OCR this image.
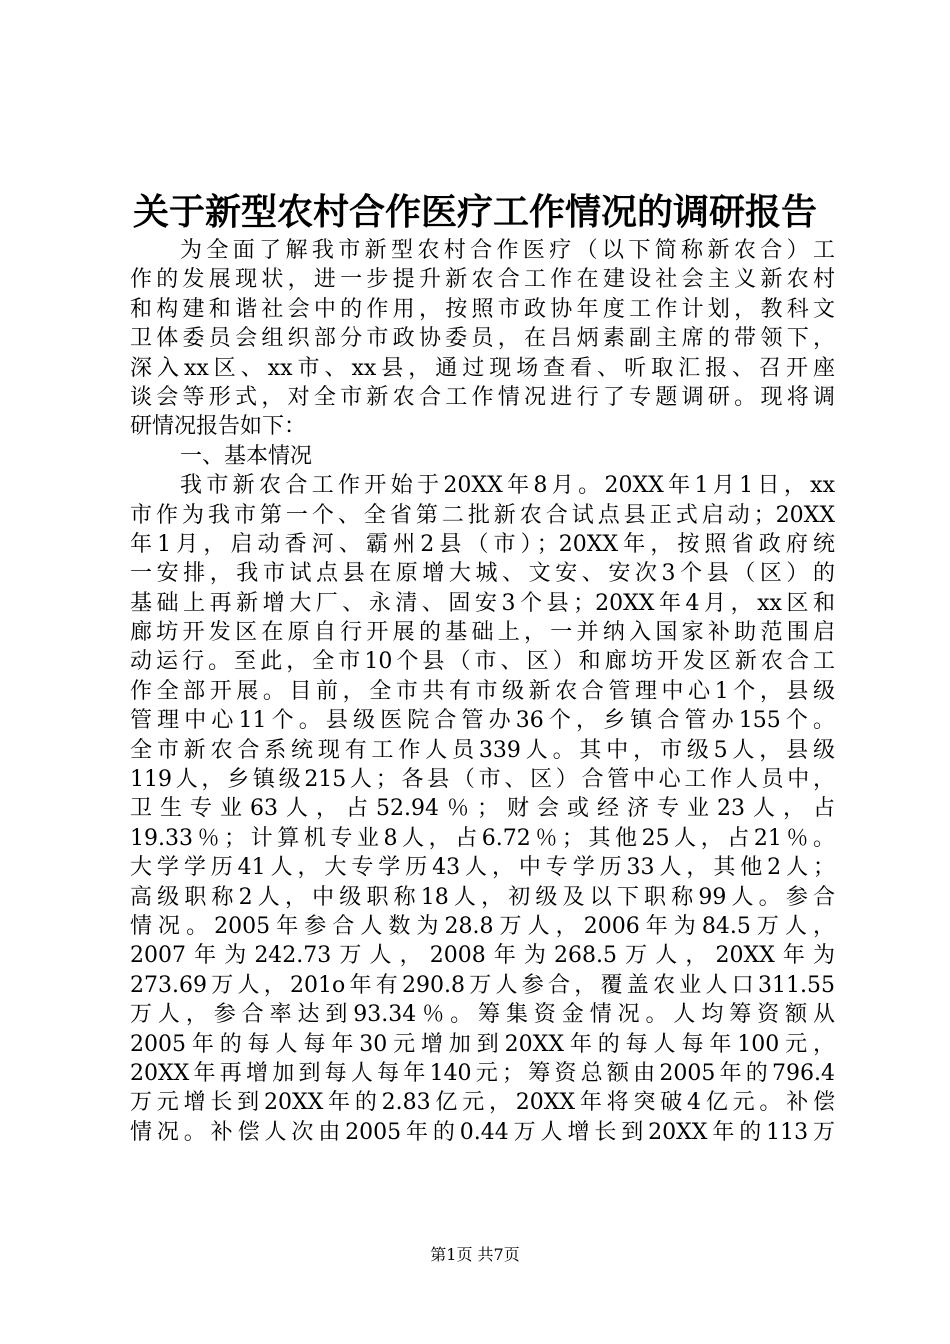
关于新型农村合作医疗工作情况的调研报告
为全面了解我市新型农村合作医疗（以下简称新农合）工
作的发展现状，进一步提升新农合工作在建设社会主义新农村
和构建和谐社会中的作用，按照市政协年度工作计划，教科文
卫体委员会组织部分市政协委员，在吕炳素副主席的带领下，
深入xx区、xx市、xx县，通过现场查看、听取汇报、召开座
谈会等形式，对全市新农合工作情况进行了专题调研。现将调
研情况报告如下：
一、基本情况
我市新农合工作开始于20XX年8月。20XX年1月1日，xx
市作为我市第一个、全省第二批新农合试点县正式启动；20XX
年1月，启动香河、霸州2县（市）；20XX年，按照省政府统
一安排，我市试点县在原增大城、文安、安次3个县（区）的
基础上再新增大厂、永清、固安3个县；20XX年4月，xx区和
廊坊开发区在原自行开展的基础上，一并纳入国家补助范围启
动运行。至此，全市10个县（市、区）和廊坊开发区新农合工
作全部开展。目前，全市共有市级新农合管理中心1个，县级
管理中心11个。县级医院合管办36个，乡镇合管办155个。
全市新农合系统现有工作人员339人。其中，市级5人，县级
119人，乡镇级215人；各县（市、区）合管中心工作人员中，
卫生专业63人，占52.94％；财会或经济专业23人，占
19.33％；计算机专业8人，占6.72％；其他25人，占21％。
大学学历41人，大专学历43人，中专学历33人，其他2人；
高级职称2人，中级职称18人，初级及以下职称99人。参合
情况。2005年参合人数为28.8万人，2006年为84.5万人，
2007年为242.73万人，2008年为268.5万人，20XX年为
273.69万人，201o年有290.8万人参合，覆盖农业人口311.55
万人，参合率达到93.34％。筹集资金情况。人均筹资额从
2005年的每人每年30元增加到20XX年的每人每年100元，
20XX年再增加到每人每年140元；筹资总额由2005年的796.4
万元增长到20XX年的2.83亿元，20XX年将突破4亿元。补偿
情况。补偿人次由2005年的0.44万人增长到20XX年的113万
第1页 共7页
